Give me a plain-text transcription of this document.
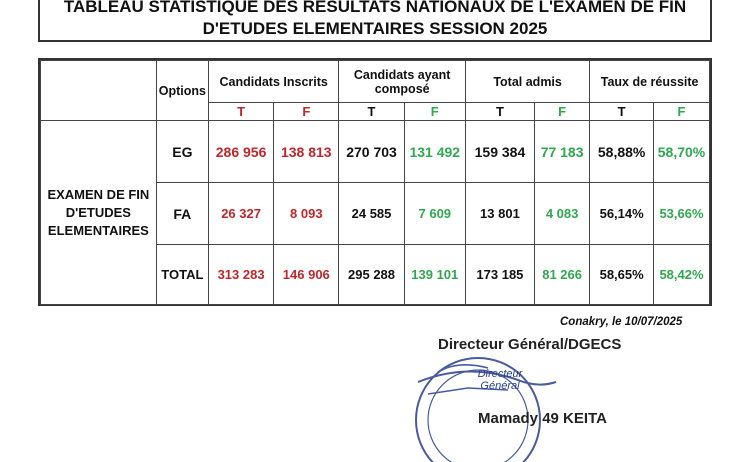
TABLEAU STATISTIQUE DES RESULTATS NATIONAUX DE L'EXAMEN DE FIN
D'ETUDES ELEMENTAIRES SESSION 2025
	Options	Candidats Inscrits		Candidats ayant composé		Total admis		Taux de réussite	
		T	F	T	F	T	F	T	F
EXAMEN DE FIN D'ETUDES ELEMENTAIRES	EG	286 956	138 813	270 703	131 492	159 384	77 183	58,88%	58,70%
	FA	26 327	8 093	24 585	7 609	13 801	4 083	56,14%	53,66%
	TOTAL	313 283	146 906	295 288	139 101	173 185	81 266	58,65%	58,42%
Conakry, le 10/07/2025
Directeur Général/DGECS
Directeur Général
Mamady 49 KEITA
